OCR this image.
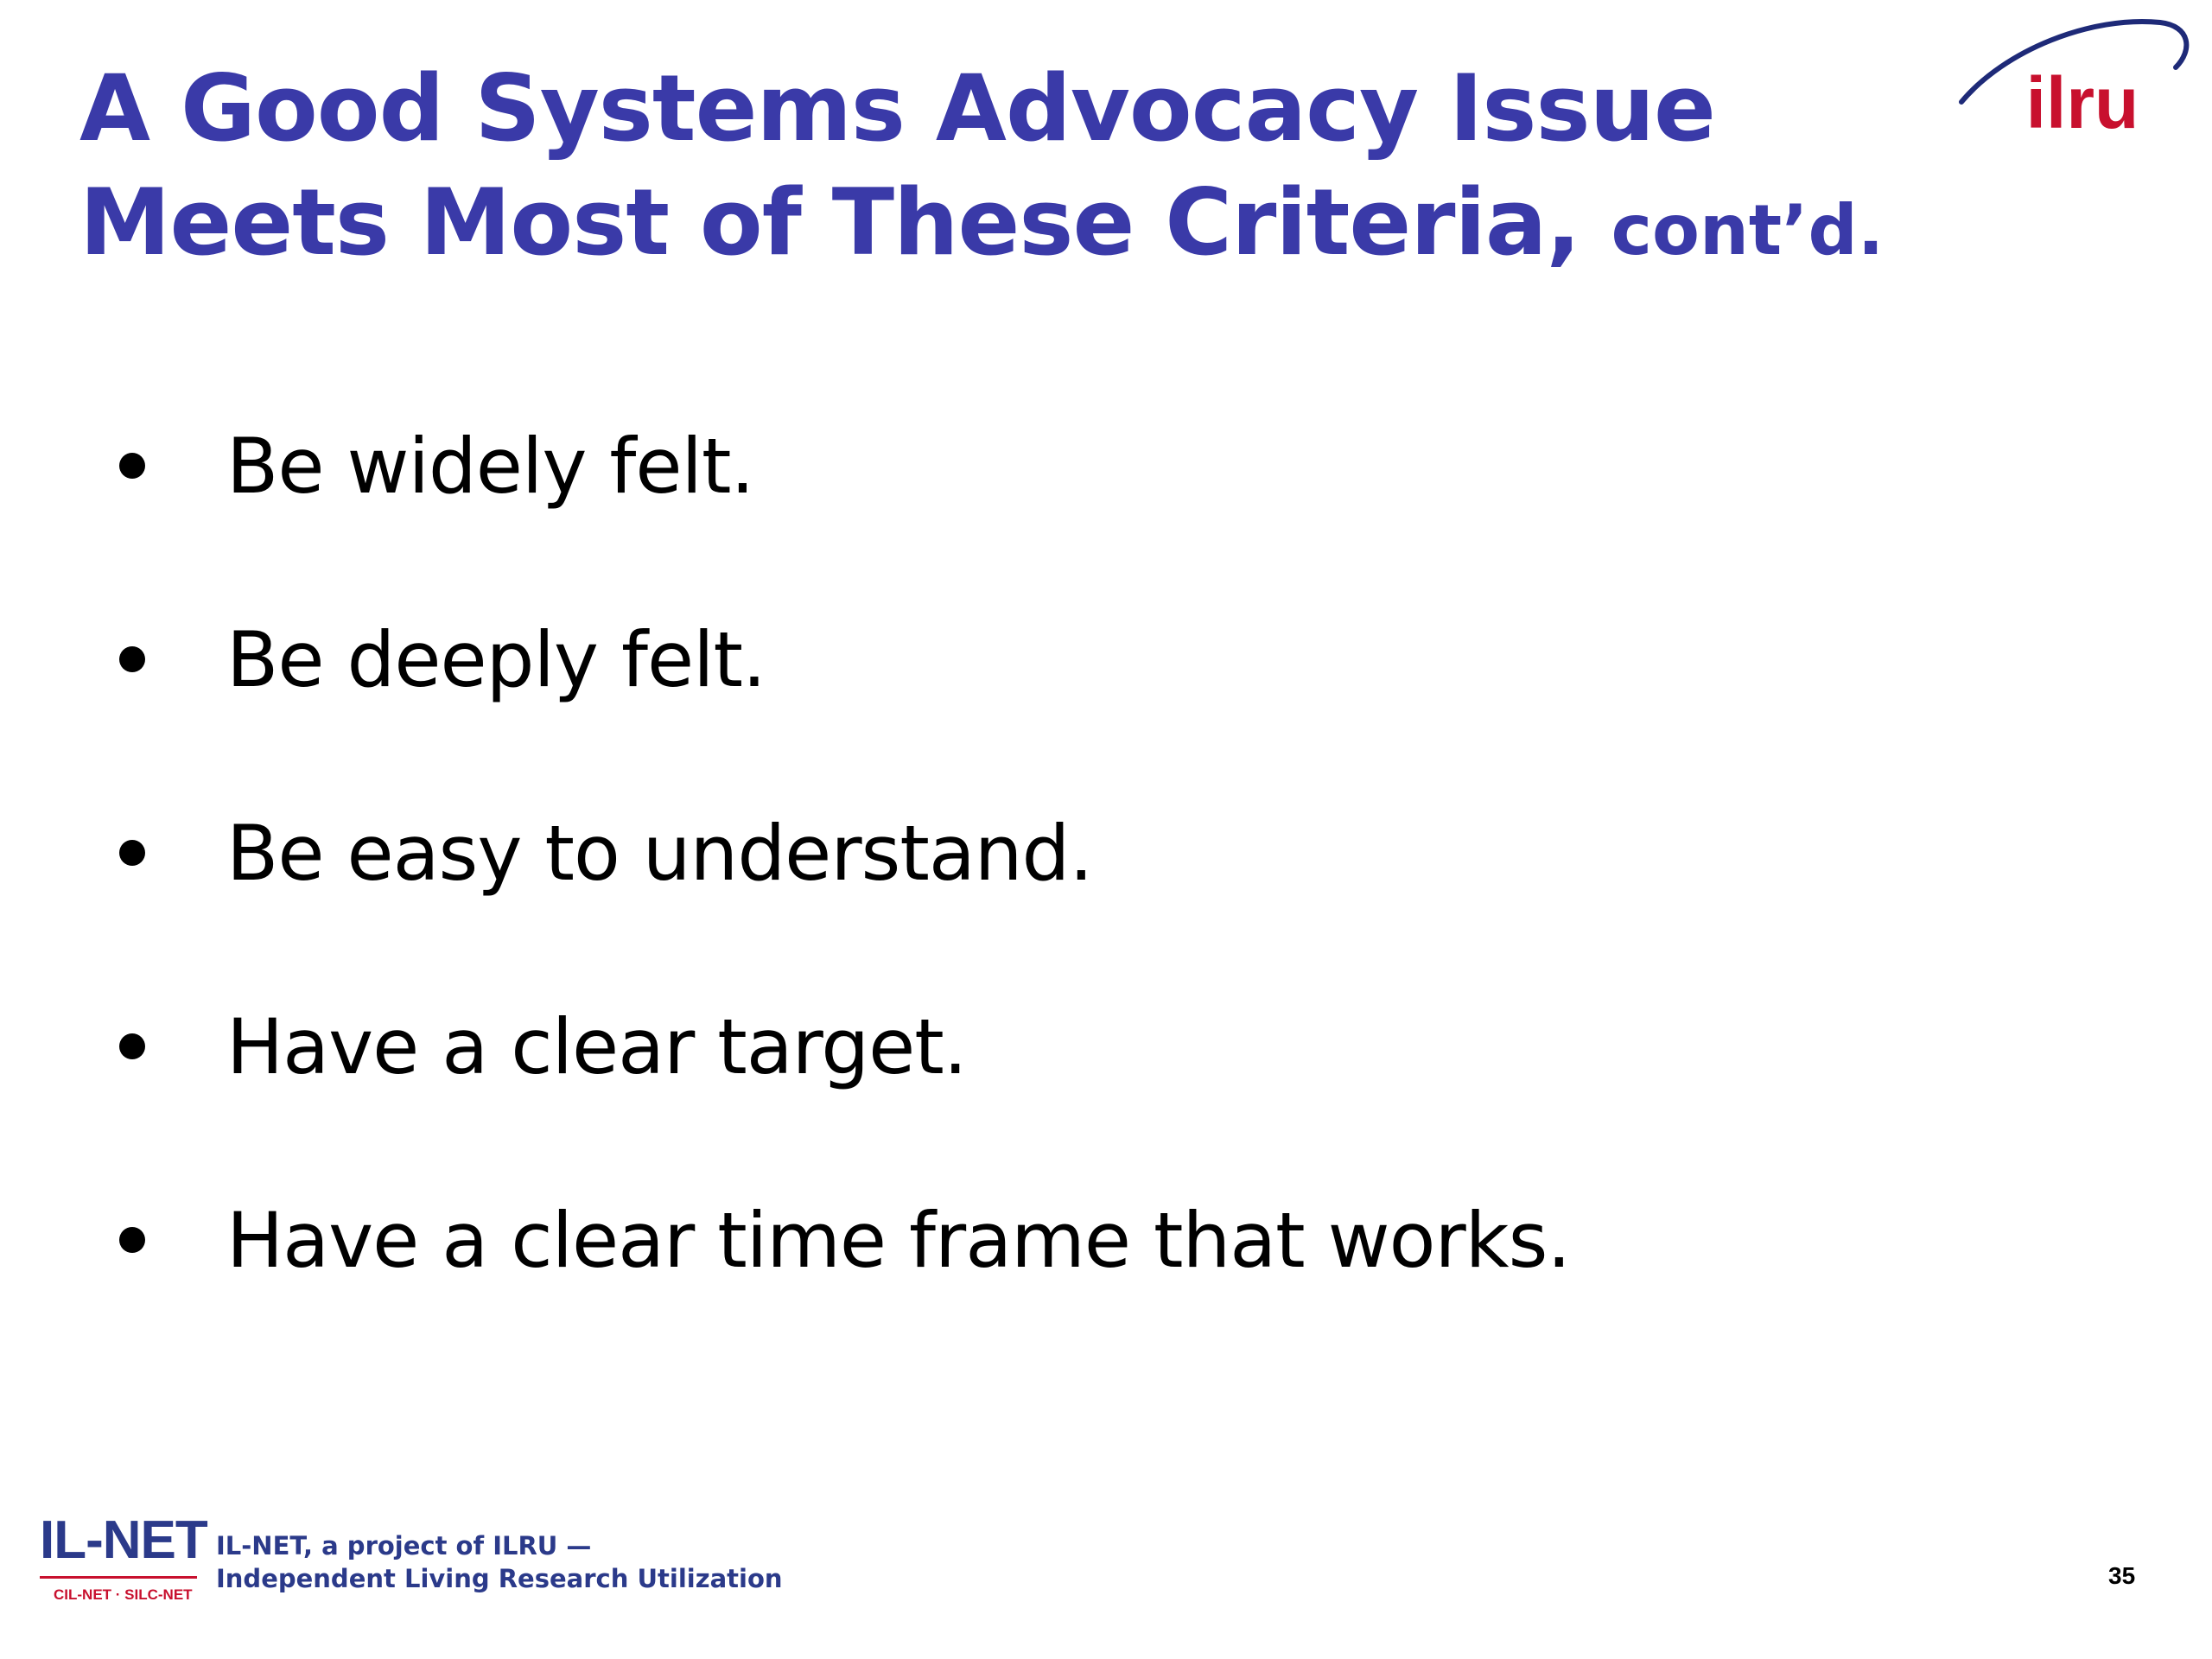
A Good Systems Advocacy Issue
Meets Most of These Criteria, cont’d.
ilru
Be widely felt.
Be deeply felt.
Be easy to understand.
Have a clear target.
Have a clear time frame that works.
IL-NET
CIL-NET · SILC-NET
IL-NET, a project of ILRU —
Independent Living Research Utilization	35
